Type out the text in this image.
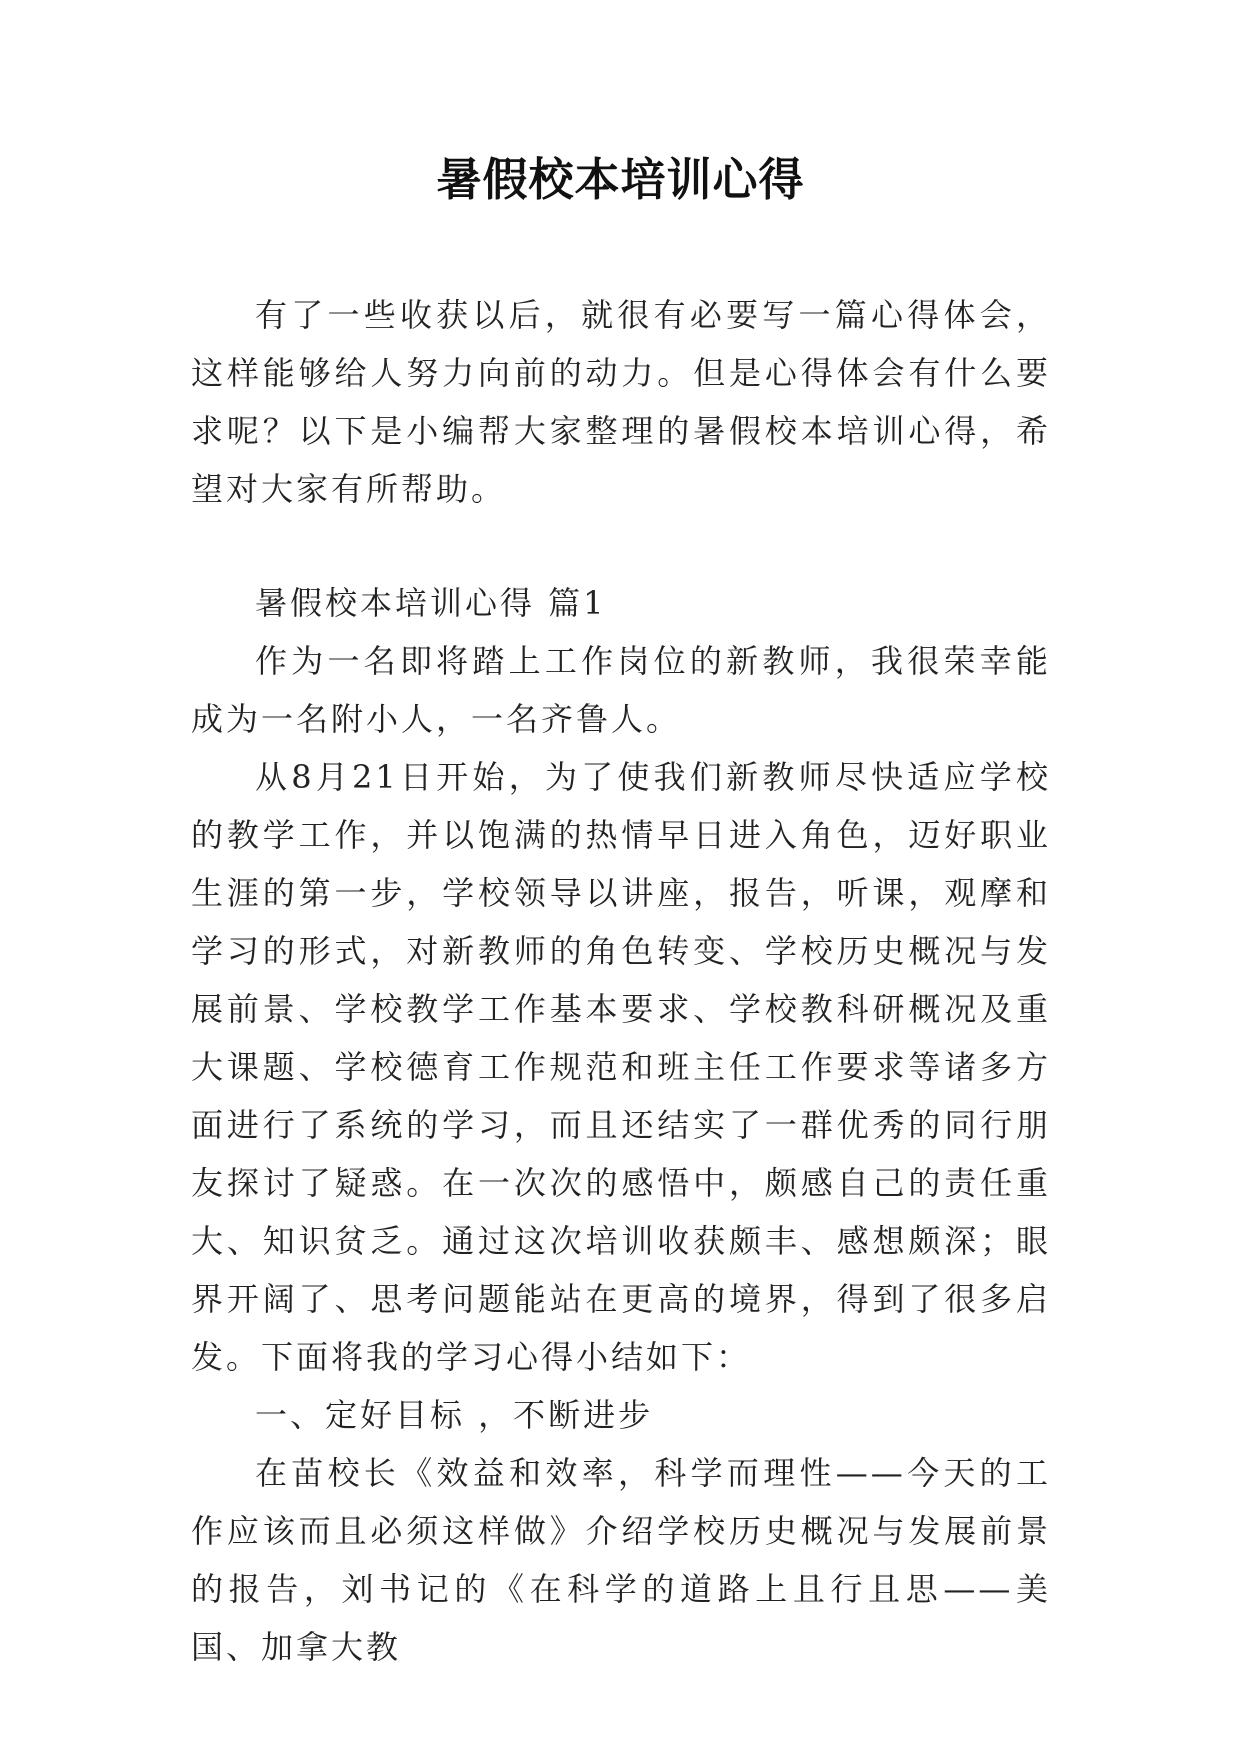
暑假校本培训心得

有了一些收获以后，就很有必要写一篇心得体会，这样能够给人努力向前的动力。但是心得体会有什么要求呢？以下是小编帮大家整理的暑假校本培训心得，希望对大家有所帮助。

暑假校本培训心得 篇1

作为一名即将踏上工作岗位的新教师，我很荣幸能成为一名附小人，一名齐鲁人。

从8月21日开始，为了使我们新教师尽快适应学校的教学工作，并以饱满的热情早日进入角色，迈好职业生涯的第一步，学校领导以讲座，报告，听课，观摩和学习的形式，对新教师的角色转变、学校历史概况与发展前景、学校教学工作基本要求、学校教科研概况及重大课题、学校德育工作规范和班主任工作要求等诸多方面进行了系统的学习，而且还结实了一群优秀的同行朋友探讨了疑惑。在一次次的感悟中，颇感自己的责任重大、知识贫乏。通过这次培训收获颇丰、感想颇深；眼界开阔了、思考问题能站在更高的境界，得到了很多启发。下面将我的学习心得小结如下：

一、定好目标 ，不断进步

在苗校长《效益和效率，科学而理性——今天的工作应该而且必须这样做》介绍学校历史概况与发展前景的报告，刘书记的《在科学的道路上且行且思——美国、加拿大教
